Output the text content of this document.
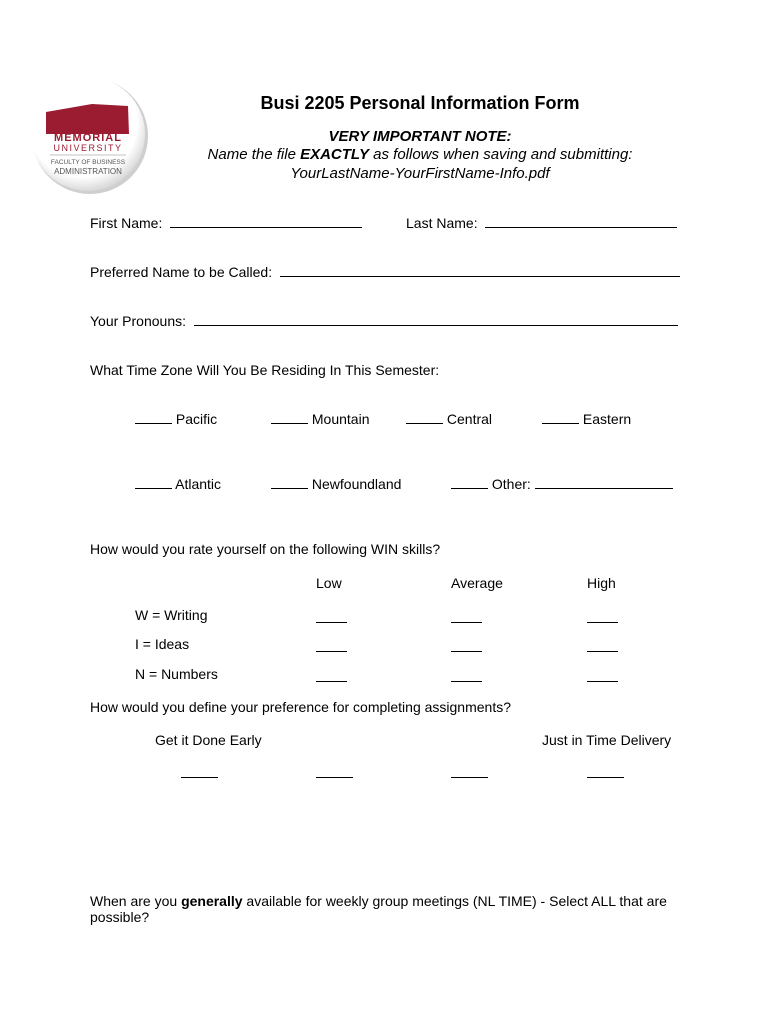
MEMORIAL
UNIVERSITY
FACULTY OF BUSINESS
ADMINISTRATION
Busi 2205 Personal Information Form
VERY IMPORTANT NOTE:
Name the file EXACTLY as follows when saving and submitting:
YourLastName-YourFirstName-Info.pdf
First Name:	Last Name:
Preferred Name to be Called:
Your Pronouns:
What Time Zone Will You Be Residing In This Semester:
Pacific	Mountain	Central	Eastern
Atlantic	Newfoundland	Other:
How would you rate yourself on the following WIN skills?
Low	Average	High
W = Writing
I = Ideas
N = Numbers
How would you define your preference for completing assignments?
Get it Done Early	Just in Time Delivery
When are you generally available for weekly group meetings (NL TIME) - Select ALL that are possible?
